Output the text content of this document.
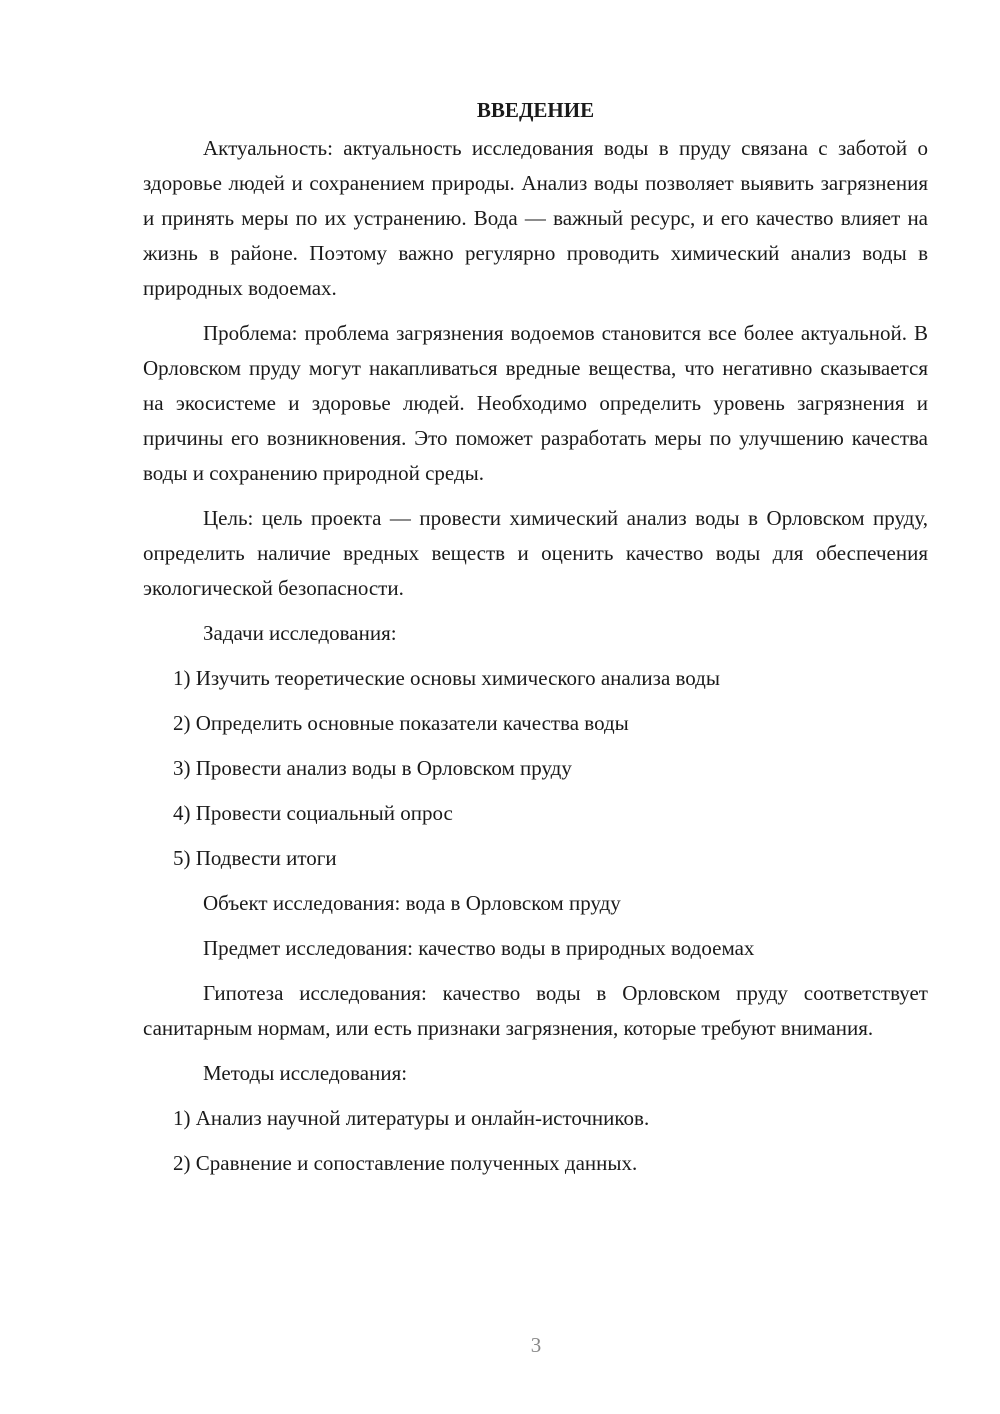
ВВЕДЕНИЕ

Актуальность: актуальность исследования воды в пруду связана с заботой о здоровье людей и сохранением природы. Анализ воды позволяет выявить загрязнения и принять меры по их устранению. Вода — важный ресурс, и его качество влияет на жизнь в районе. Поэтому важно регулярно проводить химический анализ воды в природных водоемах.

Проблема: проблема загрязнения водоемов становится все более актуальной. В Орловском пруду могут накапливаться вредные вещества, что негативно сказывается на экосистеме и здоровье людей. Необходимо определить уровень загрязнения и причины его возникновения. Это поможет разработать меры по улучшению качества воды и сохранению природной среды.

Цель: цель проекта — провести химический анализ воды в Орловском пруду, определить наличие вредных веществ и оценить качество воды для обеспечения экологической безопасности.

Задачи исследования:
1) Изучить теоретические основы химического анализа воды
2) Определить основные показатели качества воды
3) Провести анализ воды в Орловском пруду
4) Провести социальный опрос
5) Подвести итоги
Объект исследования: вода в Орловском пруду
Предмет исследования: качество воды в природных водоемах

Гипотеза исследования: качество воды в Орловском пруду соответствует санитарным нормам, или есть признаки загрязнения, которые требуют внимания.

Методы исследования:
1) Анализ научной литературы и онлайн-источников.
2) Сравнение и сопоставление полученных данных.
3
